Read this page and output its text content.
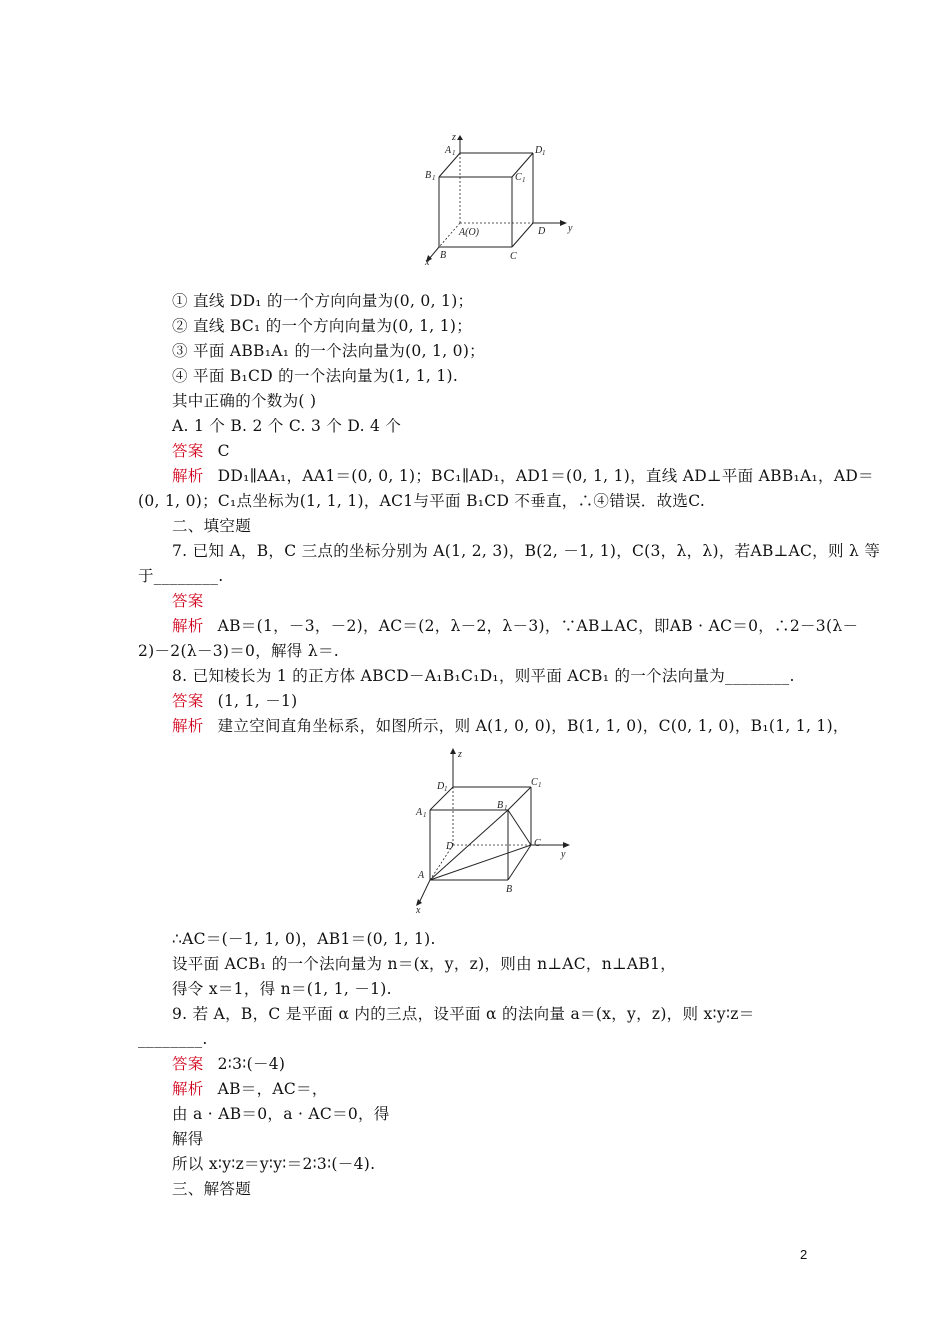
z
y
x
A 1
B 1	C 1
D 1
A(O)
B	C
D
① 直线 DD₁ 的一个方向向量为(0, 0, 1)；
② 直线 BC₁ 的一个方向向量为(0, 1, 1)；
③ 平面 ABB₁A₁ 的一个法向量为(0, 1, 0)；
④ 平面 B₁CD 的一个法向量为(1, 1, 1).
其中正确的个数为( )
A. 1 个 B. 2 个 C. 3 个 D. 4 个
答案 C
解析 DD₁∥AA₁，AA1＝(0, 0, 1)；BC₁∥AD₁，AD1＝(0, 1, 1)，直线 AD⊥平面 ABB₁A₁，AD＝
(0, 1, 0)；C₁点坐标为(1, 1, 1)，AC1与平面 B₁CD 不垂直，∴④错误．故选C.
二、填空题
7. 已知 A，B，C 三点的坐标分别为 A(1, 2, 3)，B(2, －1, 1)，C(3，λ，λ)，若AB⊥AC，则 λ 等
于________.
答案
解析 AB＝(1，－3，－2)，AC＝(2，λ－2，λ－3)，∵AB⊥AC，即AB · AC＝0，∴2－3(λ－
2)－2(λ－3)＝0，解得 λ＝.
8. 已知棱长为 1 的正方体 ABCD－A₁B₁C₁D₁，则平面 ACB₁ 的一个法向量为________.
答案 (1, 1, －1)
解析 建立空间直角坐标系，如图所示，则 A(1, 0, 0)，B(1, 1, 0)，C(0, 1, 0)，B₁(1, 1, 1)，
z
y
x
D 1
C 1
A 1
B 1
D	C
A
B
∴AC＝(－1, 1, 0)，AB1＝(0, 1, 1).
设平面 ACB₁ 的一个法向量为 n＝(x，y，z)，则由 n⊥AC，n⊥AB1，
得令 x＝1，得 n＝(1, 1, －1).
9. 若 A，B，C 是平面 α 内的三点，设平面 α 的法向量 a＝(x，y，z)，则 x∶y∶z＝
________.
答案 2∶3∶(－4)
解析 AB＝，AC＝，
由 a · AB＝0，a · AC＝0，得
解得
所以 x∶y∶z＝y∶y∶＝2∶3∶(－4).
三、解答题
2
